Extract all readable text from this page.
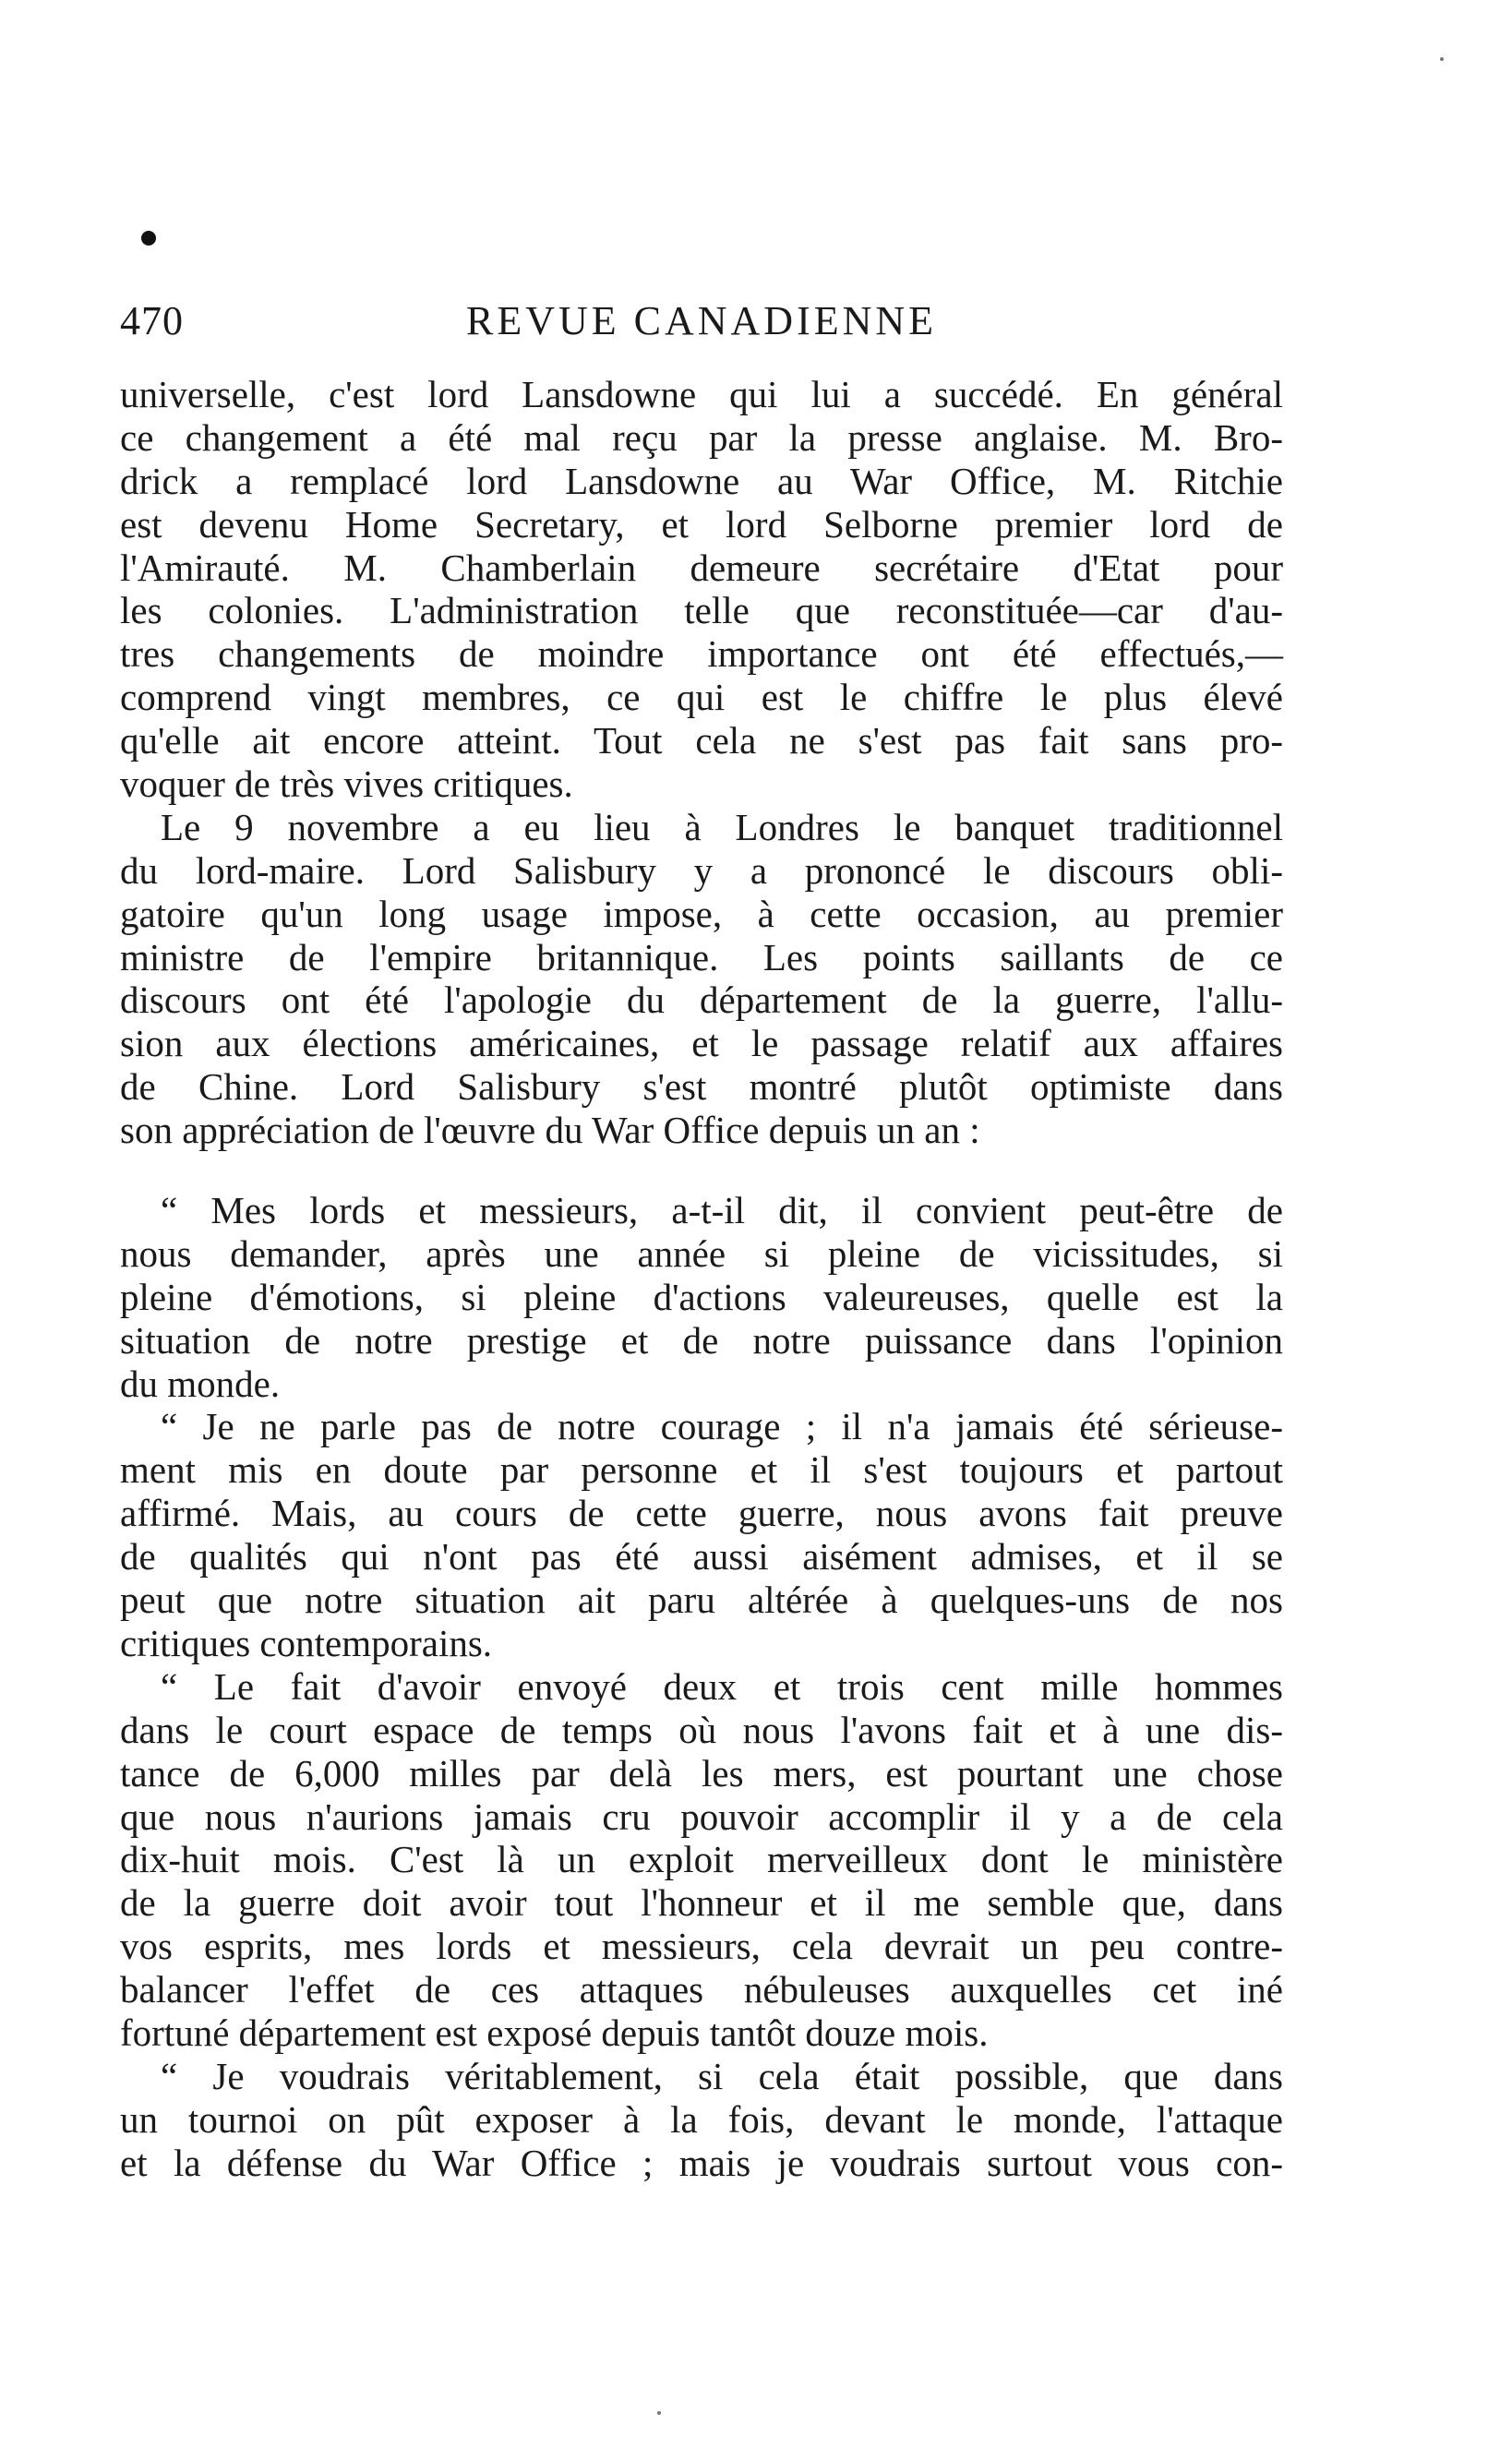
470	REVUE CANADIENNE
universelle, c'est lord Lansdowne qui lui a succédé. En général
ce changement a été mal reçu par la presse anglaise. M. Bro-
drick a remplacé lord Lansdowne au War Office, M. Ritchie
est devenu Home Secretary, et lord Selborne premier lord de
l'Amirauté. M. Chamberlain demeure secrétaire d'Etat pour
les colonies. L'administration telle que reconstituée—car d'au-
tres changements de moindre importance ont été effectués,—
comprend vingt membres, ce qui est le chiffre le plus élevé
qu'elle ait encore atteint. Tout cela ne s'est pas fait sans pro-
voquer de très vives critiques.
Le 9 novembre a eu lieu à Londres le banquet traditionnel
du lord-maire. Lord Salisbury y a prononcé le discours obli-
gatoire qu'un long usage impose, à cette occasion, au premier
ministre de l'empire britannique. Les points saillants de ce
discours ont été l'apologie du département de la guerre, l'allu-
sion aux élections américaines, et le passage relatif aux affaires
de Chine. Lord Salisbury s'est montré plutôt optimiste dans
son appréciation de l'œuvre du War Office depuis un an :
“ Mes lords et messieurs, a-t-il dit, il convient peut-être de
nous demander, après une année si pleine de vicissitudes, si
pleine d'émotions, si pleine d'actions valeureuses, quelle est la
situation de notre prestige et de notre puissance dans l'opinion
du monde.
“ Je ne parle pas de notre courage ; il n'a jamais été sérieuse-
ment mis en doute par personne et il s'est toujours et partout
affirmé. Mais, au cours de cette guerre, nous avons fait preuve
de qualités qui n'ont pas été aussi aisément admises, et il se
peut que notre situation ait paru altérée à quelques-uns de nos
critiques contemporains.
“ Le fait d'avoir envoyé deux et trois cent mille hommes
dans le court espace de temps où nous l'avons fait et à une dis-
tance de 6,000 milles par delà les mers, est pourtant une chose
que nous n'aurions jamais cru pouvoir accomplir il y a de cela
dix-huit mois. C'est là un exploit merveilleux dont le ministère
de la guerre doit avoir tout l'honneur et il me semble que, dans
vos esprits, mes lords et messieurs, cela devrait un peu contre-
balancer l'effet de ces attaques nébuleuses auxquelles cet iné
fortuné département est exposé depuis tantôt douze mois.
“ Je voudrais véritablement, si cela était possible, que dans
un tournoi on pût exposer à la fois, devant le monde, l'attaque
et la défense du War Office ; mais je voudrais surtout vous con-
